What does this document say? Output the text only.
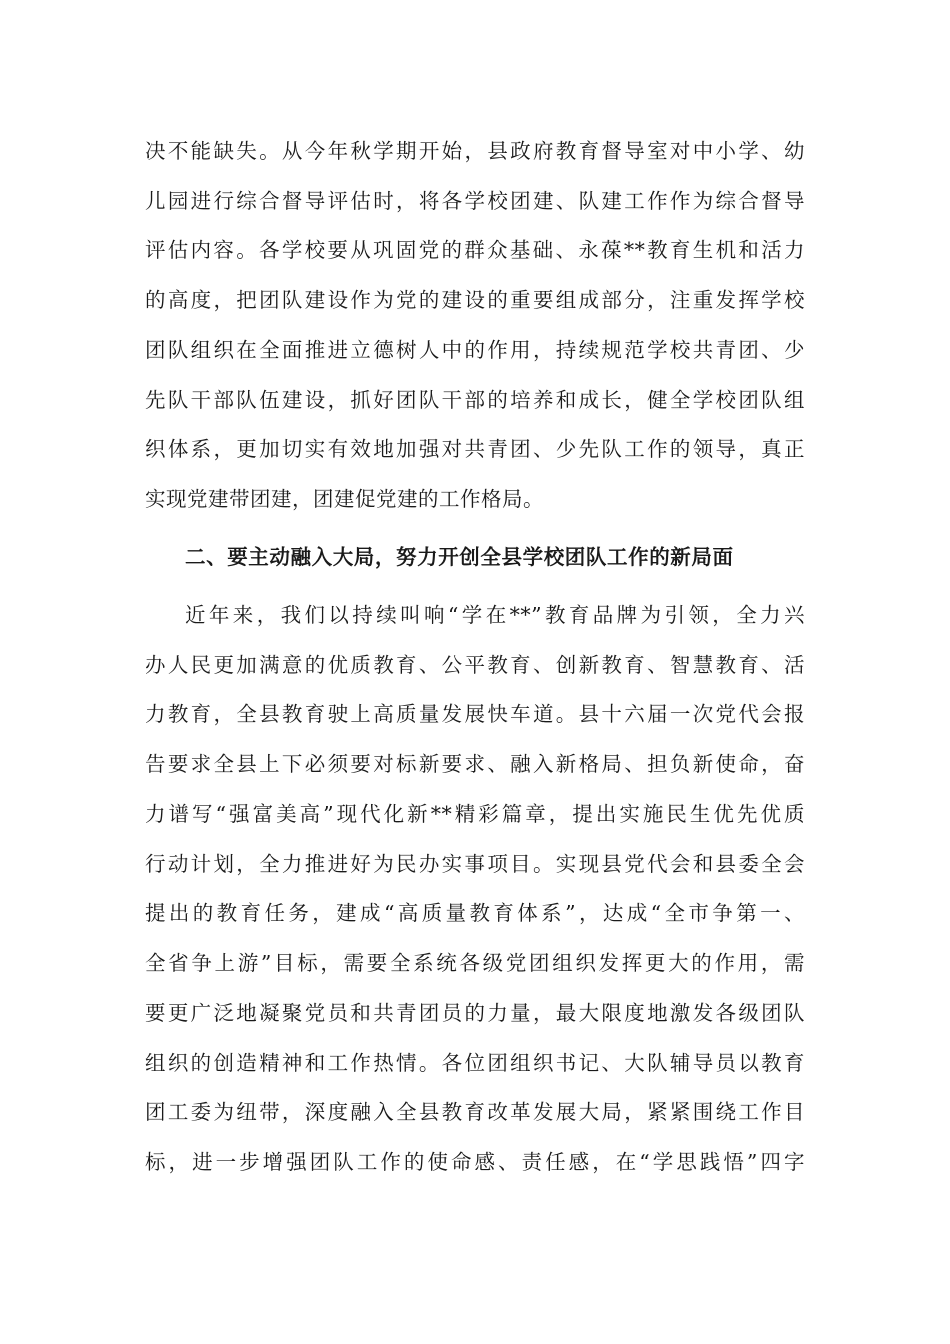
决不能缺失。从今年秋学期开始，县政府教育督导室对中小学、幼
儿园进行综合督导评估时，将各学校团建、队建工作作为综合督导
评估内容。各学校要从巩固党的群众基础、永葆**教育生机和活力
的高度，把团队建设作为党的建设的重要组成部分，注重发挥学校
团队组织在全面推进立德树人中的作用，持续规范学校共青团、少
先队干部队伍建设，抓好团队干部的培养和成长，健全学校团队组
织体系，更加切实有效地加强对共青团、少先队工作的领导，真正
实现党建带团建，团建促党建的工作格局。
二、要主动融入大局，努力开创全县学校团队工作的新局面
近年来，我们以持续叫响“学在**”教育品牌为引领，全力兴
办人民更加满意的优质教育、公平教育、创新教育、智慧教育、活
力教育，全县教育驶上高质量发展快车道。县十六届一次党代会报
告要求全县上下必须要对标新要求、融入新格局、担负新使命，奋
力谱写“强富美高”现代化新**精彩篇章，提出实施民生优先优质
行动计划，全力推进好为民办实事项目。实现县党代会和县委全会
提出的教育任务，建成“高质量教育体系”，达成“全市争第一、
全省争上游”目标，需要全系统各级党团组织发挥更大的作用，需
要更广泛地凝聚党员和共青团员的力量，最大限度地激发各级团队
组织的创造精神和工作热情。各位团组织书记、大队辅导员以教育
团工委为纽带，深度融入全县教育改革发展大局，紧紧围绕工作目
标，进一步增强团队工作的使命感、责任感，在“学思践悟”四字
